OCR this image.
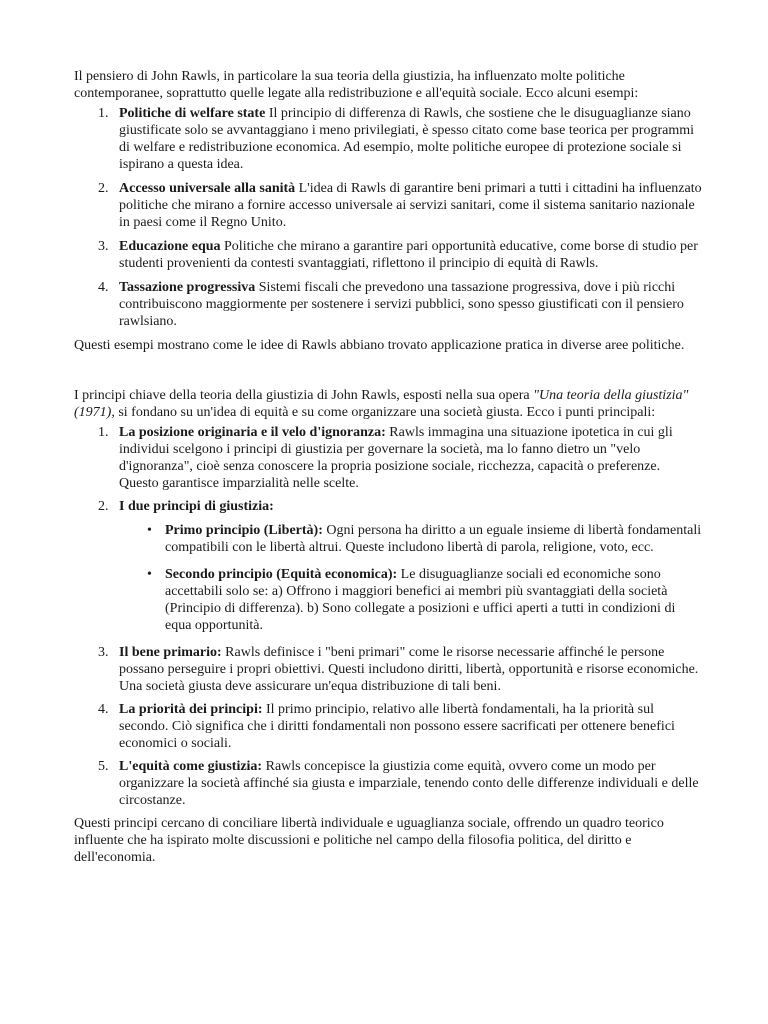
Il pensiero di John Rawls, in particolare la sua teoria della giustizia, ha influenzato molte politiche contemporanee, soprattutto quelle legate alla redistribuzione e all'equità sociale. Ecco alcuni esempi:

1. Politiche di welfare state Il principio di differenza di Rawls, che sostiene che le disuguaglianze siano giustificate solo se avvantaggiano i meno privilegiati, è spesso citato come base teorica per programmi di welfare e redistribuzione economica. Ad esempio, molte politiche europee di protezione sociale si ispirano a questa idea.
2. Accesso universale alla sanità L'idea di Rawls di garantire beni primari a tutti i cittadini ha influenzato politiche che mirano a fornire accesso universale ai servizi sanitari, come il sistema sanitario nazionale in paesi come il Regno Unito.
3. Educazione equa Politiche che mirano a garantire pari opportunità educative, come borse di studio per studenti provenienti da contesti svantaggiati, riflettono il principio di equità di Rawls.
4. Tassazione progressiva Sistemi fiscali che prevedono una tassazione progressiva, dove i più ricchi contribuiscono maggiormente per sostenere i servizi pubblici, sono spesso giustificati con il pensiero rawlsiano.

Questi esempi mostrano come le idee di Rawls abbiano trovato applicazione pratica in diverse aree politiche.

I principi chiave della teoria della giustizia di John Rawls, esposti nella sua opera "Una teoria della giustizia" (1971), si fondano su un'idea di equità e su come organizzare una società giusta. Ecco i punti principali:

1. La posizione originaria e il velo d'ignoranza: Rawls immagina una situazione ipotetica in cui gli individui scelgono i principi di giustizia per governare la società, ma lo fanno dietro un "velo d'ignoranza", cioè senza conoscere la propria posizione sociale, ricchezza, capacità o preferenze. Questo garantisce imparzialità nelle scelte.
2. I due principi di giustizia:
• Primo principio (Libertà): Ogni persona ha diritto a un eguale insieme di libertà fondamentali compatibili con le libertà altrui. Queste includono libertà di parola, religione, voto, ecc.
• Secondo principio (Equità economica): Le disuguaglianze sociali ed economiche sono accettabili solo se: a) Offrono i maggiori benefici ai membri più svantaggiati della società (Principio di differenza). b) Sono collegate a posizioni e uffici aperti a tutti in condizioni di equa opportunità.
3. Il bene primario: Rawls definisce i "beni primari" come le risorse necessarie affinché le persone possano perseguire i propri obiettivi. Questi includono diritti, libertà, opportunità e risorse economiche. Una società giusta deve assicurare un'equa distribuzione di tali beni.
4. La priorità dei principi: Il primo principio, relativo alle libertà fondamentali, ha la priorità sul secondo. Ciò significa che i diritti fondamentali non possono essere sacrificati per ottenere benefici economici o sociali.
5. L'equità come giustizia: Rawls concepisce la giustizia come equità, ovvero come un modo per organizzare la società affinché sia giusta e imparziale, tenendo conto delle differenze individuali e delle circostanze.

Questi principi cercano di conciliare libertà individuale e uguaglianza sociale, offrendo un quadro teorico influente che ha ispirato molte discussioni e politiche nel campo della filosofia politica, del diritto e dell'economia.
